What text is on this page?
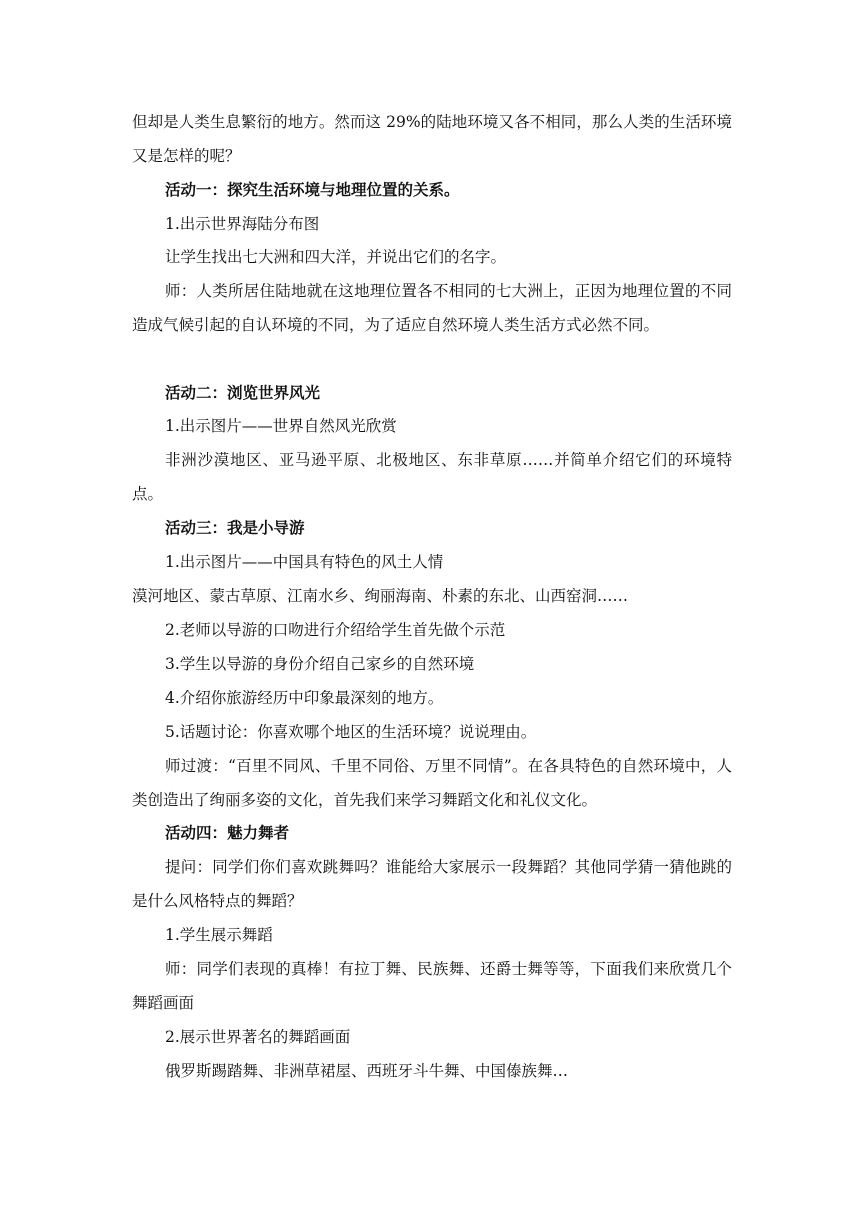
但却是人类生息繁衍的地方。然而这 29%的陆地环境又各不相同，那么人类的生活环境又是怎样的呢？

活动一：探究生活环境与地理位置的关系。

1.出示世界海陆分布图

让学生找出七大洲和四大洋，并说出它们的名字。

师：人类所居住陆地就在这地理位置各不相同的七大洲上，正因为地理位置的不同造成气候引起的自认环境的不同，为了适应自然环境人类生活方式必然不同。

活动二：浏览世界风光

1.出示图片——世界自然风光欣赏

非洲沙漠地区、亚马逊平原、北极地区、东非草原……并简单介绍它们的环境特点。

活动三：我是小导游

1.出示图片——中国具有特色的风土人情

漠河地区、蒙古草原、江南水乡、绚丽海南、朴素的东北、山西窑洞……

2.老师以导游的口吻进行介绍给学生首先做个示范

3.学生以导游的身份介绍自己家乡的自然环境

4.介绍你旅游经历中印象最深刻的地方。

5.话题讨论：你喜欢哪个地区的生活环境？说说理由。

师过渡：“百里不同风、千里不同俗、万里不同情”。在各具特色的自然环境中，人类创造出了绚丽多姿的文化，首先我们来学习舞蹈文化和礼仪文化。

活动四：魅力舞者

提问：同学们你们喜欢跳舞吗？谁能给大家展示一段舞蹈？其他同学猜一猜他跳的是什么风格特点的舞蹈？

1.学生展示舞蹈

师：同学们表现的真棒！有拉丁舞、民族舞、还爵士舞等等，下面我们来欣赏几个舞蹈画面

2.展示世界著名的舞蹈画面

俄罗斯踢踏舞、非洲草裙屋、西班牙斗牛舞、中国傣族舞…
